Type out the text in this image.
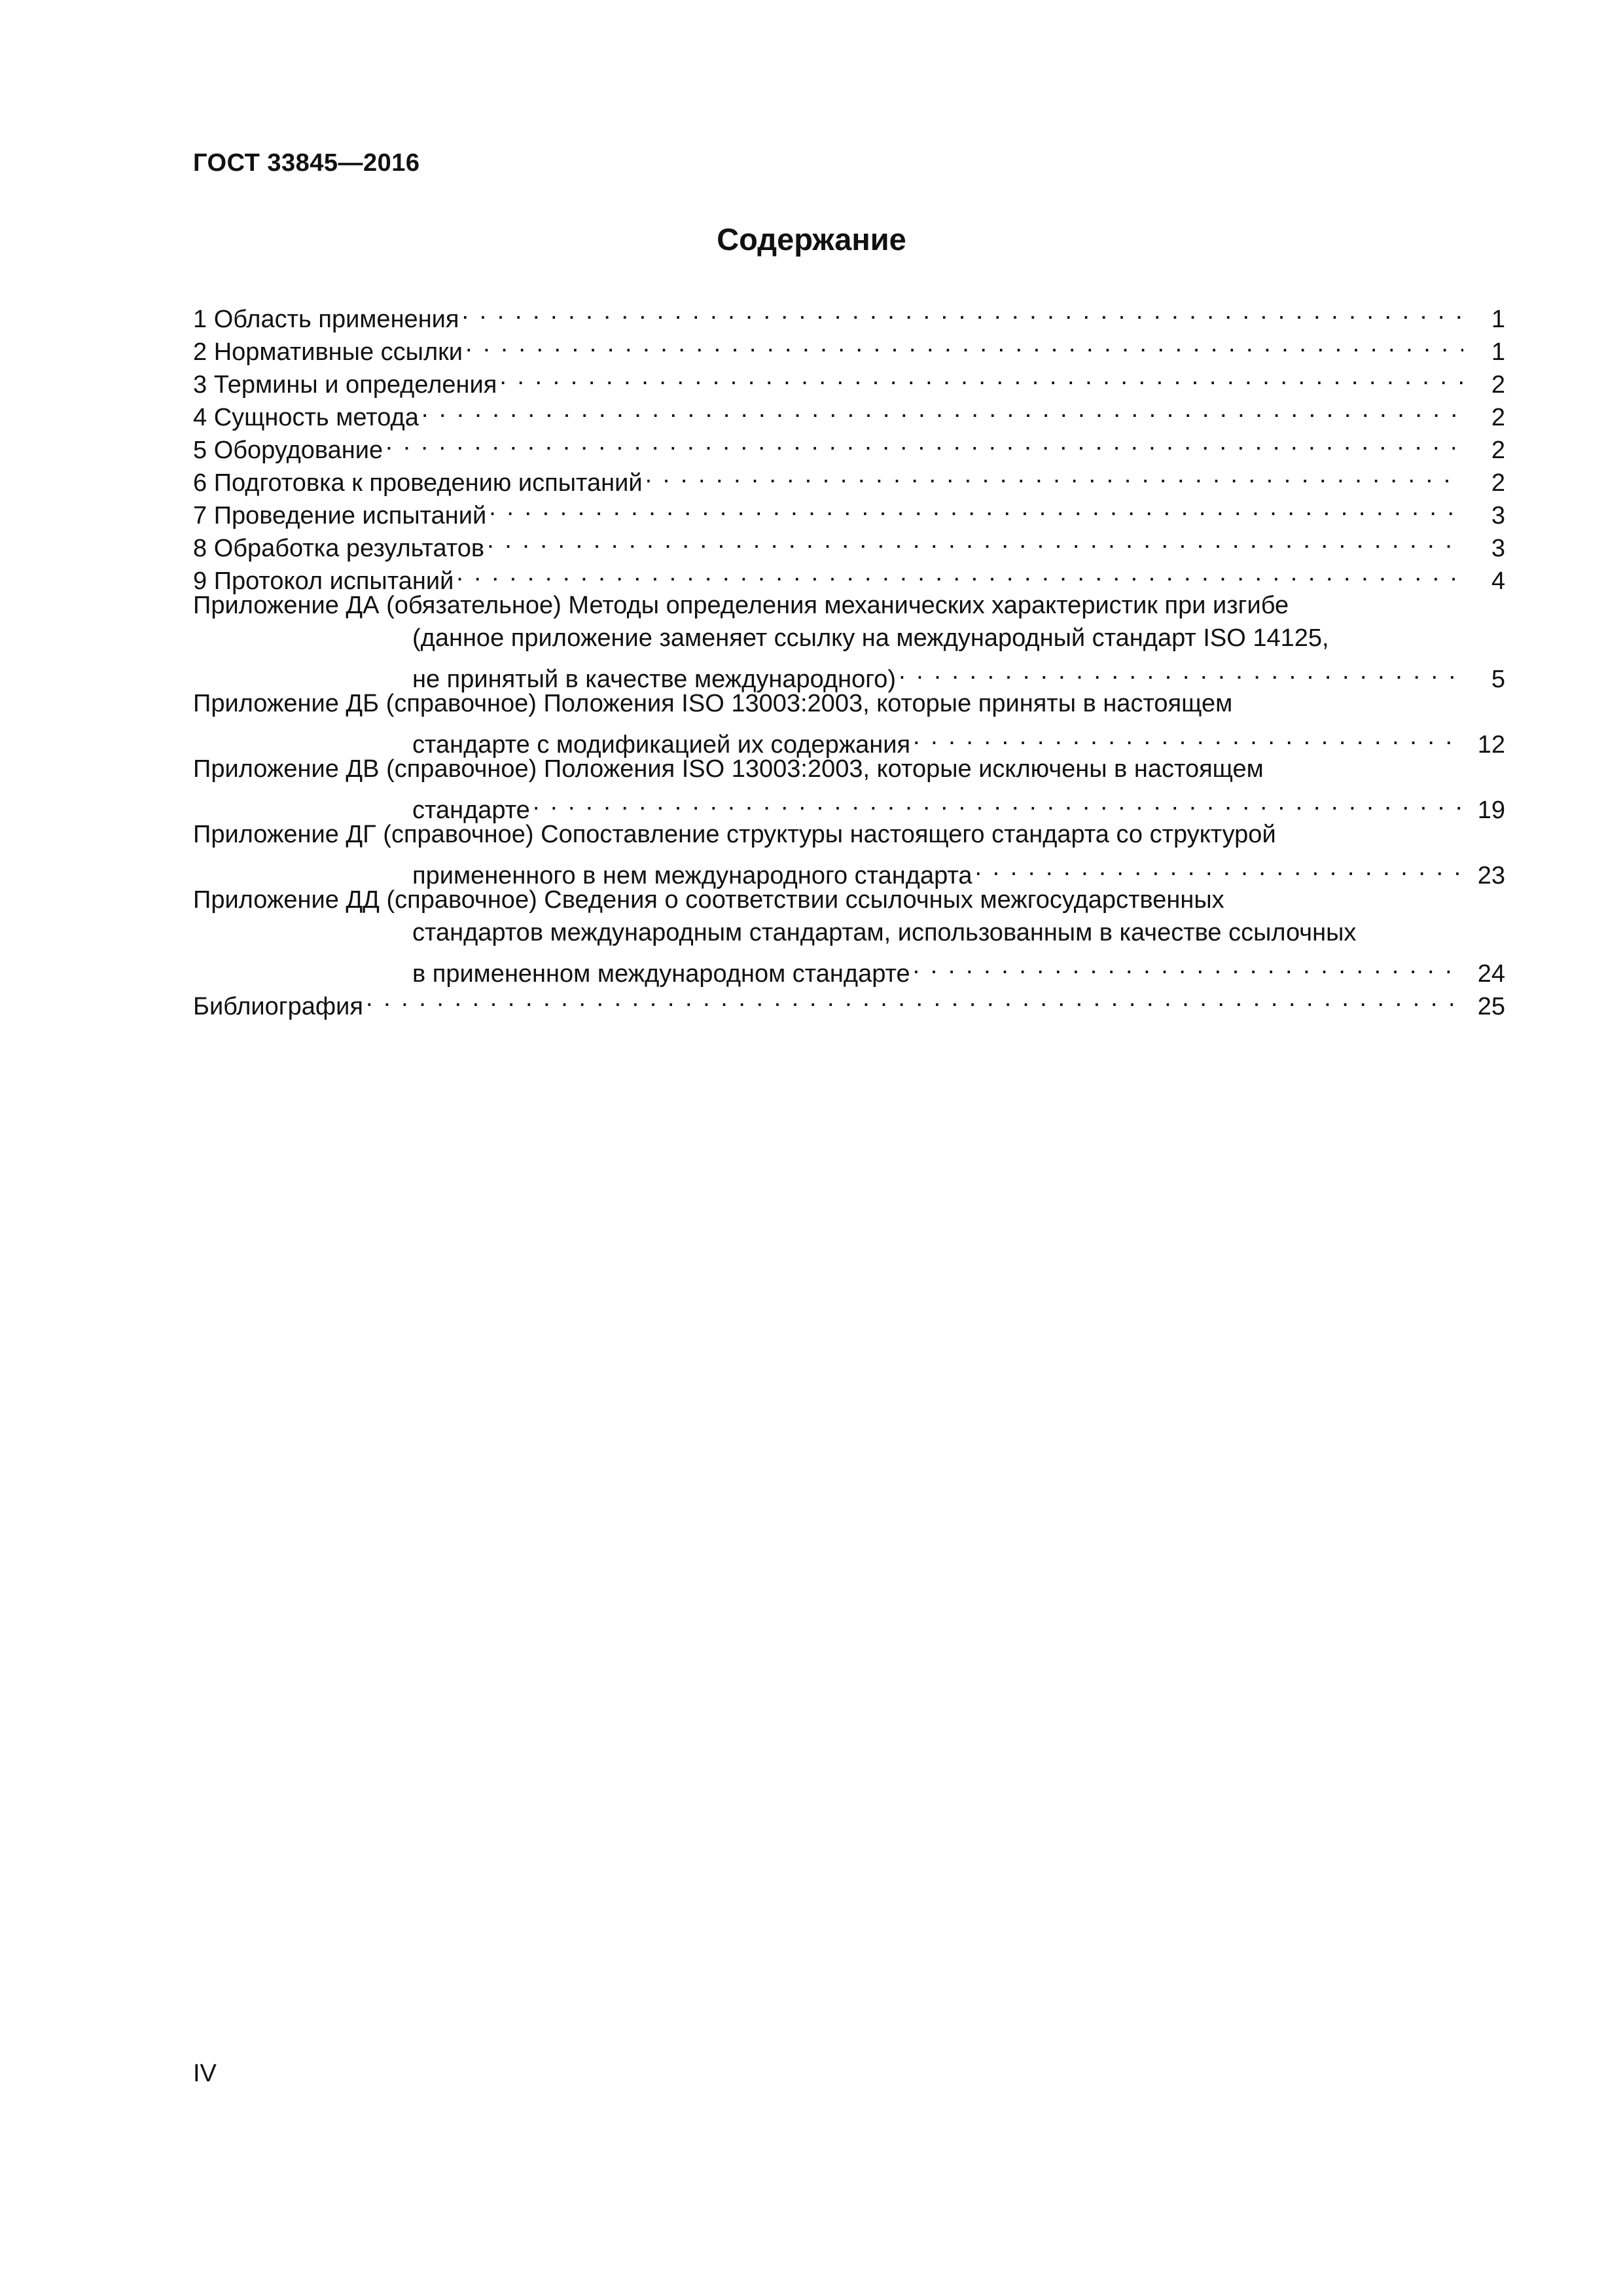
ГОСТ 33845—2016
Содержание
1 Область применения . . .	1
2 Нормативные ссылки . . .	1
3 Термины и определения . . .	2
4 Сущность метода . . .	2
5 Оборудование . . .	2
6 Подготовка к проведению испытаний . . .	2
7 Проведение испытаний . . .	3
8 Обработка результатов . . .	3
9 Протокол испытаний . . .	4
Приложение ДА (обязательное) Методы определения механических характеристик при изгибе
(данное приложение заменяет ссылку на международный стандарт ISO 14125,
не принятый в качестве международного) . . .	5
Приложение ДБ (справочное) Положения ISO 13003:2003, которые приняты в настоящем
стандарте с модификацией их содержания . . .	12
Приложение ДВ (справочное) Положения ISO 13003:2003, которые исключены в настоящем
стандарте . . .	19
Приложение ДГ (справочное) Сопоставление структуры настоящего стандарта со структурой
примененного в нем международного стандарта . . .	23
Приложение ДД (справочное) Сведения о соответствии ссылочных межгосударственных
стандартов международным стандартам, использованным в качестве ссылочных
в примененном международном стандарте . . .	24
Библиография . . .	25
IV
